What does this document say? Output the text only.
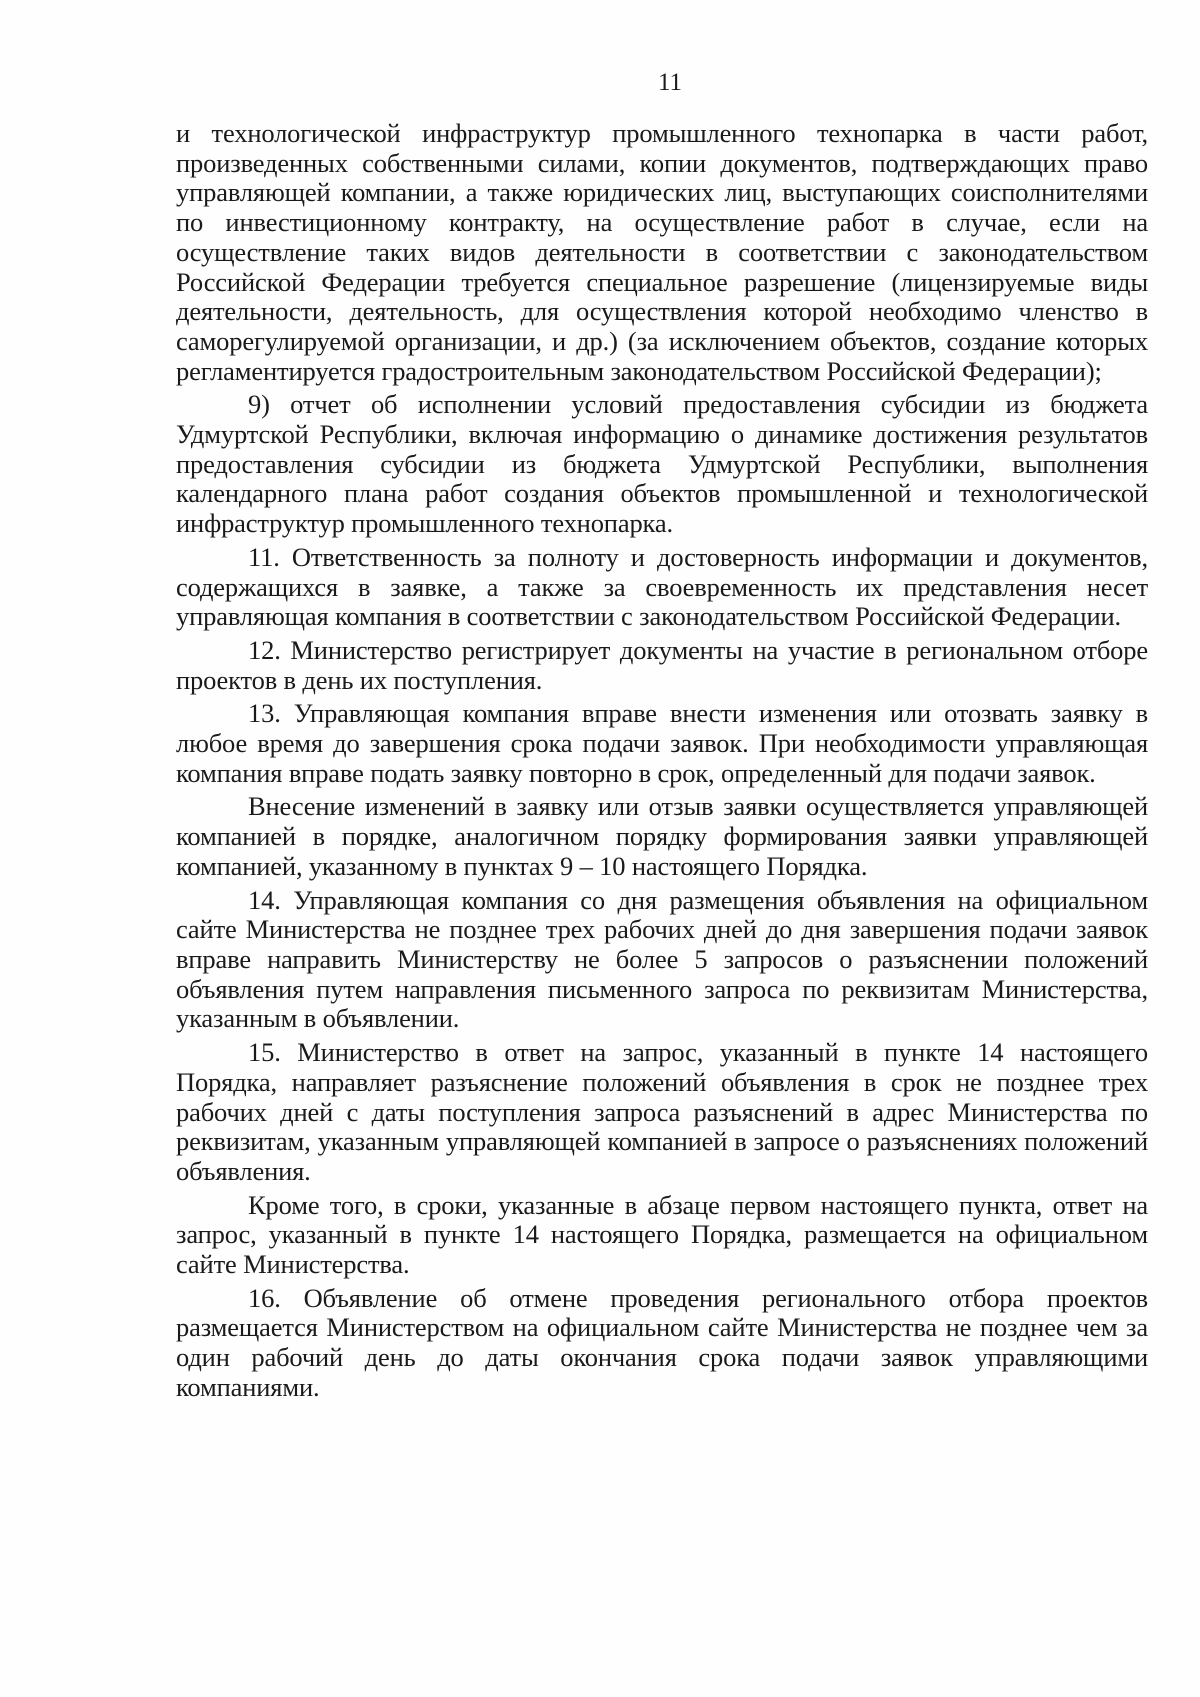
11

и технологической инфраструктур промышленного технопарка в части работ, произведенных собственными силами, копии документов, подтверждающих право управляющей компании, а также юридических лиц, выступающих соисполнителями по инвестиционному контракту, на осуществление работ в случае, если на осуществление таких видов деятельности в соответствии с законодательством Российской Федерации требуется специальное разрешение (лицензируемые виды деятельности, деятельность, для осуществления которой необходимо членство в саморегулируемой организации, и др.) (за исключением объектов, создание которых регламентируется градостроительным законодательством Российской Федерации);

9) отчет об исполнении условий предоставления субсидии из бюджета Удмуртской Республики, включая информацию о динамике достижения результатов предоставления субсидии из бюджета Удмуртской Республики, выполнения календарного плана работ создания объектов промышленной и технологической инфраструктур промышленного технопарка.

11. Ответственность за полноту и достоверность информации и документов, содержащихся в заявке, а также за своевременность их представления несет управляющая компания в соответствии с законодательством Российской Федерации.

12. Министерство регистрирует документы на участие в региональном отборе проектов в день их поступления.

13. Управляющая компания вправе внести изменения или отозвать заявку в любое время до завершения срока подачи заявок. При необходимости управляющая компания вправе подать заявку повторно в срок, определенный для подачи заявок.

Внесение изменений в заявку или отзыв заявки осуществляется управляющей компанией в порядке, аналогичном порядку формирования заявки управляющей компанией, указанному в пунктах 9 – 10 настоящего Порядка.

14. Управляющая компания со дня размещения объявления на официальном сайте Министерства не позднее трех рабочих дней до дня завершения подачи заявок вправе направить Министерству не более 5 запросов о разъяснении положений объявления путем направления письменного запроса по реквизитам Министерства, указанным в объявлении.

15. Министерство в ответ на запрос, указанный в пункте 14 настоящего Порядка, направляет разъяснение положений объявления в срок не позднее трех рабочих дней с даты поступления запроса разъяснений в адрес Министерства по реквизитам, указанным управляющей компанией в запросе о разъяснениях положений объявления.

Кроме того, в сроки, указанные в абзаце первом настоящего пункта, ответ на запрос, указанный в пункте 14 настоящего Порядка, размещается на официальном сайте Министерства.

16. Объявление об отмене проведения регионального отбора проектов размещается Министерством на официальном сайте Министерства не позднее чем за один рабочий день до даты окончания срока подачи заявок управляющими компаниями.
